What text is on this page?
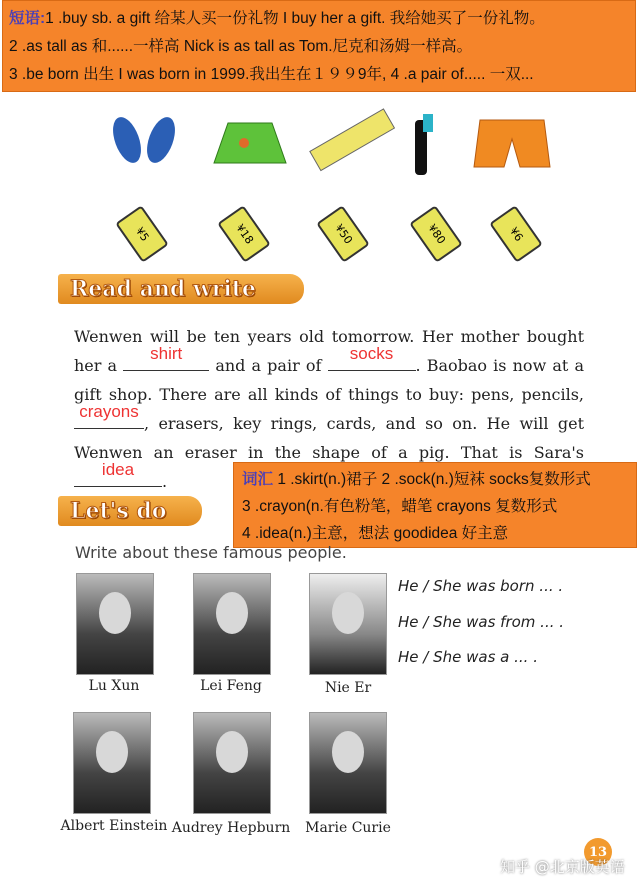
短语:1 .buy sb. a gift 给某人买一份礼物 I buy her a gift. 我给她买了一份礼物。
2 .as tall as 和......一样高 Nick is as tall as Tom.尼克和汤姆一样高。
3 .be born 出生 I was born in 1999.我出生在１９９9年, 4 .a pair of..... 一双...
¥5	¥18	¥50	¥80	¥6
Read and write
Wenwen will be ten years old tomorrow. Her mother bought her a
shirt
and a pair of
socks
. Baobao is now at a gift shop. There are all kinds of things to buy: pens, pencils,
crayons
, erasers, key rings, cards, and so on. He will get Wenwen an eraser in the shape of a pig. That is Sara's
idea
.	词汇 1 .skirt(n.)裙子 2 .sock(n.)短袜 socks复数形式
3 .crayon(n.有色粉笔，蜡笔 crayons 复数形式
4 .idea(n.)主意，想法 goodidea 好主意
Let's do
Write about these famous people.
Lu Xun	Lei Feng	Nie Er
Albert Einstein Audrey Hepburn	Marie Curie
He / She was born ... .
He / She was from ... .
He / She was a ... .
13
知乎 @北京版英语
